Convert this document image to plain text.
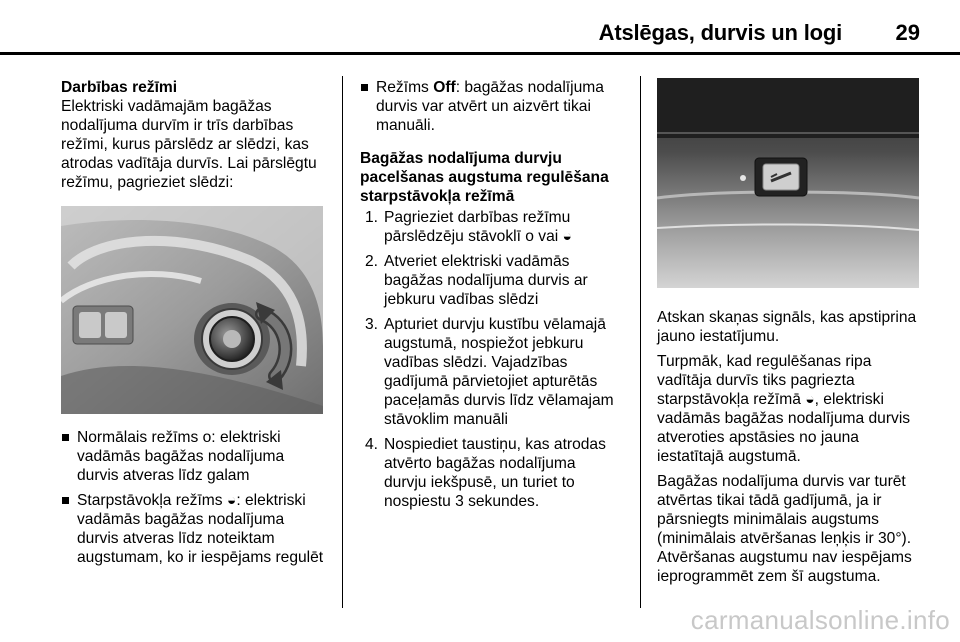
Atslēgas, durvis un logi 29
Darbības režīmi
Elektriski vadāmajām bagāžas
nodalījuma durvīm ir trīs darbības
režīmi, kurus pārslēdz ar slēdzi, kas
atrodas vadītāja durvīs. Lai pārslēgtu
režīmu, pagrieziet slēdzi:
Normālais režīms o: elektriski
vadāmās bagāžas nodalījuma
durvis atveras līdz galam
Starpstāvokļa režīms ◒: elektriski
vadāmās bagāžas nodalījuma
durvis atveras līdz noteiktam
augstumam, ko ir iespējams regulēt
Režīms Off: bagāžas nodalījuma
durvis var atvērt un aizvērt tikai
manuāli.
Bagāžas nodalījuma durvju
pacelšanas augstuma regulēšana
starpstāvokļa režīmā
1. Pagrieziet darbības režīmu
pārslēdzēju stāvoklī o vai ◒
2. Atveriet elektriski vadāmās
bagāžas nodalījuma durvis ar
jebkuru vadības slēdzi
3. Apturiet durvju kustību vēlamajā
augstumā, nospiežot jebkuru
vadības slēdzi. Vajadzības
gadījumā pārvietojiet apturētās
paceļamās durvis līdz vēlamajam
stāvoklim manuāli
4. Nospiediet taustiņu, kas atrodas
atvērto bagāžas nodalījuma
durvju iekšpusē, un turiet to
nospiestu 3 sekundes.

Atskan skaņas signāls, kas apstiprina
jauno iestatījumu.

Turpmāk, kad regulēšanas ripa
vadītāja durvīs tiks pagriezta
starpstāvokļa režīmā ◒, elektriski
vadāmās bagāžas nodalījuma durvis
atveroties apstāsies no jauna
iestatītajā augstumā.

Bagāžas nodalījuma durvis var turēt
atvērtas tikai tādā gadījumā, ja ir
pārsniegts minimālais augstums
(minimālais atvēršanas leņķis ir 30°).
Atvēršanas augstumu nav iespējams
ieprogrammēt zem šī augstuma.

carmanualsonline.info
